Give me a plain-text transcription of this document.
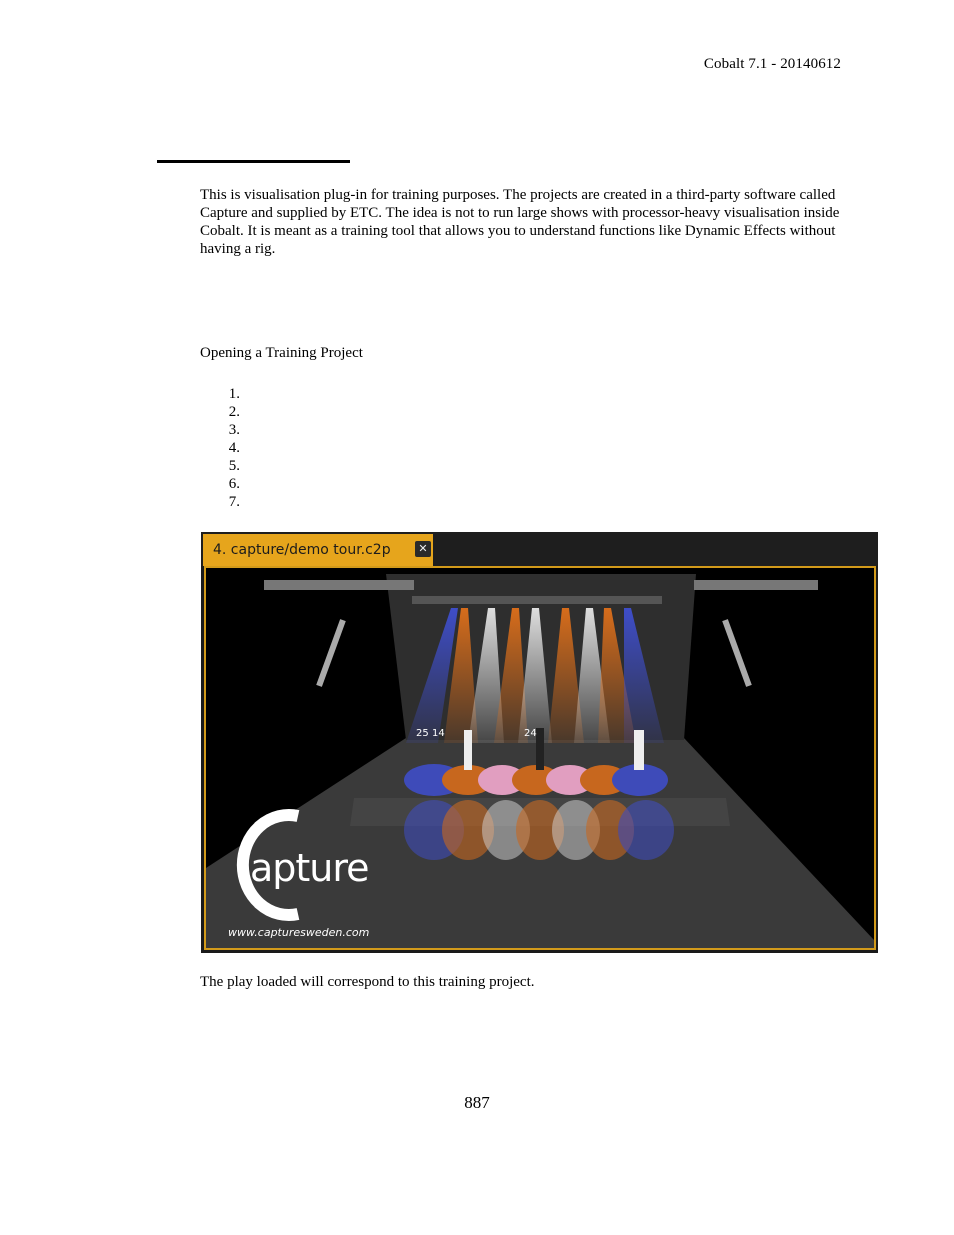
Cobalt 7.1 - 20140612
This is visualisation plug-in for training purposes. The projects are created in a third-party software called Capture and supplied by ETC. The idea is not to run large shows with processor-heavy visualisation inside Cobalt. It is meant as a training tool that allows you to understand functions like Dynamic Effects without having a rig.
Opening a Training Project
1.
2.
3.
4.
5.
6.
7.
4. capture/demo tour.c2p	✕
25 14	24
apture
www.capturesweden.com
The play loaded will correspond to this training project.
887
